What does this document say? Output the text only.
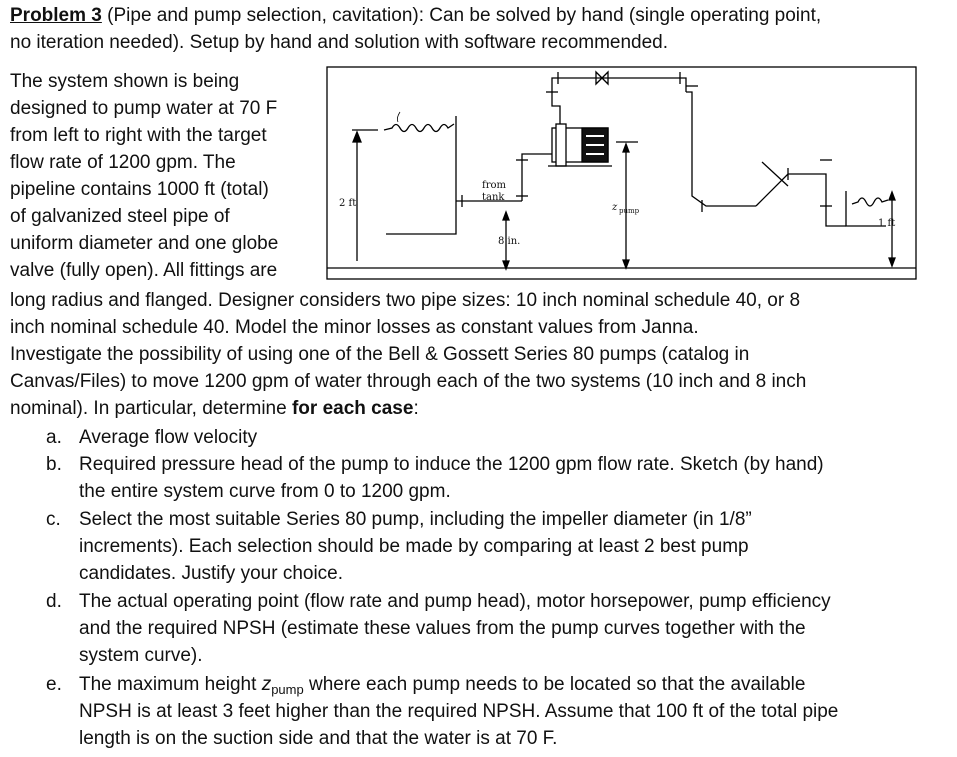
Problem 3 (Pipe and pump selection, cavitation): Can be solved by hand (single operating point,
no iteration needed). Setup by hand and solution with software recommended.
The system shown is being
designed to pump water at 70 F
from left to right with the target
flow rate of 1200 gpm. The
pipeline contains 1000 ft (total)
of galvanized steel pipe of
uniform diameter and one globe
valve (fully open). All fittings are
long radius and flanged. Designer considers two pipe sizes: 10 inch nominal schedule 40, or 8
inch nominal schedule 40. Model the minor losses as constant values from Janna.
Investigate the possibility of using one of the Bell & Gossett Series 80 pumps (catalog in
Canvas/Files) to move 1200 gpm of water through each of the two systems (10 inch and 8 inch
nominal). In particular, determine for each case:
a. Average flow velocity
b. Required pressure head of the pump to induce the 1200 gpm flow rate. Sketch (by hand)
the entire system curve from 0 to 1200 gpm.
c. Select the most suitable Series 80 pump, including the impeller diameter (in 1/8”
increments). Each selection should be made by comparing at least 2 best pump
candidates. Justify your choice.
d. The actual operating point (flow rate and pump head), motor horsepower, pump efficiency
and the required NPSH (estimate these values from the pump curves together with the
system curve).
e. The maximum height $z_{pump}$ where each pump needs to be located so that the available
NPSH is at least 3 feet higher than the required NPSH. Assume that 100 ft of the total pipe
length is on the suction side and that the water is at 70 F.
2 ft
from
tank
8 in.
z pump
1 ft
